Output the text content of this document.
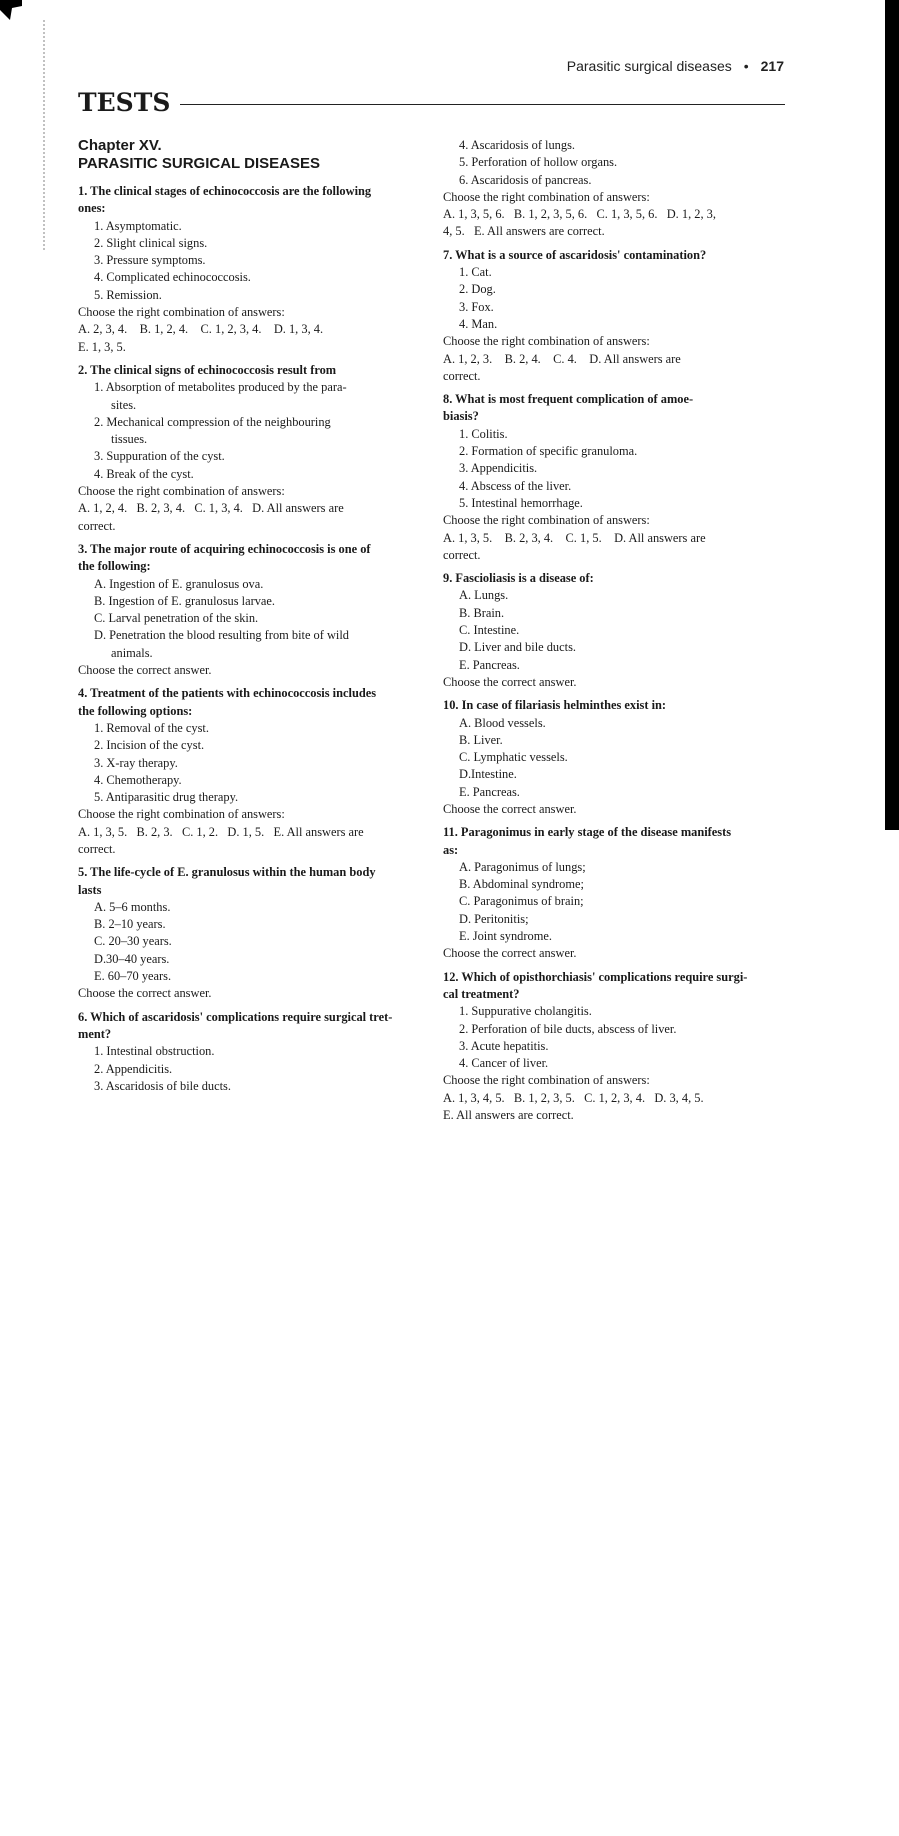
Parasitic surgical diseases • 217
TESTS
Chapter XV.
PARASITIC SURGICAL DISEASES
1. The clinical stages of echinococcosis are the following
ones:
1. Asymptomatic.
2. Slight clinical signs.
3. Pressure symptoms.
4. Complicated echinococcosis.
5. Remission.
Choose the right combination of answers:
A. 2, 3, 4.    B. 1, 2, 4.    C. 1, 2, 3, 4.    D. 1, 3, 4.
E. 1, 3, 5.
2. The clinical signs of echinococcosis result from
1. Absorption of metabolites produced by the para-
sites.
2. Mechanical compression of the neighbouring
tissues.
3. Suppuration of the cyst.
4. Break of the cyst.
Choose the right combination of answers:
A. 1, 2, 4.   B. 2, 3, 4.   C. 1, 3, 4.   D. All answers are
correct.
3. The major route of acquiring echinococcosis is one of
the following:
A. Ingestion of E. granulosus ova.
B. Ingestion of E. granulosus larvae.
C. Larval penetration of the skin.
D. Penetration the blood resulting from bite of wild
animals.
Choose the correct answer.
4. Treatment of the patients with echinococcosis includes
the following options:
1. Removal of the cyst.
2. Incision of the cyst.
3. X-ray therapy.
4. Chemotherapy.
5. Antiparasitic drug therapy.
Choose the right combination of answers:
A. 1, 3, 5.   B. 2, 3.   C. 1, 2.   D. 1, 5.   E. All answers are
correct.
5. The life-cycle of E. granulosus within the human body
lasts
A. 5–6 months.
B. 2–10 years.
C. 20–30 years.
D.30–40 years.
E. 60–70 years.
Choose the correct answer.
6. Which of ascaridosis' complications require surgical tret-
ment?
1. Intestinal obstruction.
2. Appendicitis.
3. Ascaridosis of bile ducts.
4. Ascaridosis of lungs.
5. Perforation of hollow organs.
6. Ascaridosis of pancreas.
Choose the right combination of answers:
A. 1, 3, 5, 6.   B. 1, 2, 3, 5, 6.   C. 1, 3, 5, 6.   D. 1, 2, 3,
4, 5.   E. All answers are correct.
7. What is a source of ascaridosis' contamination?
1. Cat.
2. Dog.
3. Fox.
4. Man.
Choose the right combination of answers:
A. 1, 2, 3.    B. 2, 4.    C. 4.    D. All answers are
correct.
8. What is most frequent complication of amoe-
biasis?
1. Colitis.
2. Formation of specific granuloma.
3. Appendicitis.
4. Abscess of the liver.
5. Intestinal hemorrhage.
Choose the right combination of answers:
A. 1, 3, 5.    B. 2, 3, 4.    C. 1, 5.    D. All answers are
correct.
9. Fascioliasis is a disease of:
A. Lungs.
B. Brain.
C. Intestine.
D. Liver and bile ducts.
E. Pancreas.
Choose the correct answer.
10. In case of filariasis helminthes exist in:
A. Blood vessels.
B. Liver.
C. Lymphatic vessels.
D.Intestine.
E. Pancreas.
Choose the correct answer.
11. Paragonimus in early stage of the disease manifests
as:
A. Paragonimus of lungs;
B. Abdominal syndrome;
C. Paragonimus of brain;
D. Peritonitis;
E. Joint syndrome.
Choose the correct answer.
12. Which of opisthorchiasis' complications require surgi-
cal treatment?
1. Suppurative cholangitis.
2. Perforation of bile ducts, abscess of liver.
3. Acute hepatitis.
4. Cancer of liver.
Choose the right combination of answers:
A. 1, 3, 4, 5.   B. 1, 2, 3, 5.   C. 1, 2, 3, 4.   D. 3, 4, 5.
E. All answers are correct.
